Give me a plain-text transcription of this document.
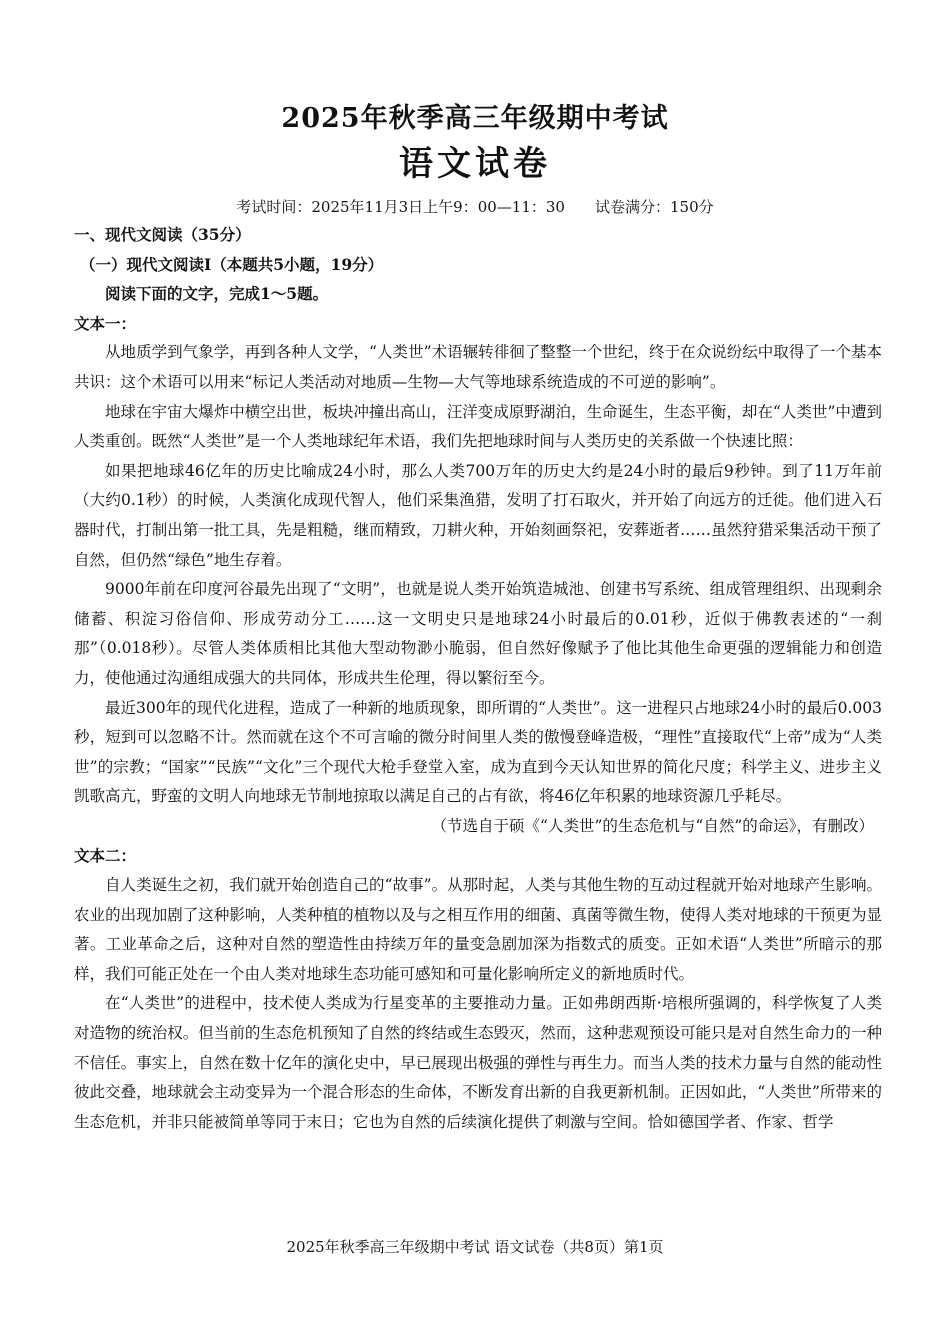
2025年秋季高三年级期中考试
语文试卷
考试时间：2025年11月3日上午9：00—11：30 试卷满分：150分

一、现代文阅读（35分）

（一）现代文阅读Ⅰ（本题共5小题，19分）

阅读下面的文字，完成1～5题。

文本一：

从地质学到气象学，再到各种人文学，“人类世”术语辗转徘徊了整整一个世纪，终于在众说纷纭中取得了一个基本共识：这个术语可以用来“标记人类活动对地质—生物—大气等地球系统造成的不可逆的影响”。

地球在宇宙大爆炸中横空出世，板块冲撞出高山，汪洋变成原野湖泊，生命诞生，生态平衡，却在“人类世”中遭到人类重创。既然“人类世”是一个人类地球纪年术语，我们先把地球时间与人类历史的关系做一个快速比照：

如果把地球46亿年的历史比喻成24小时，那么人类700万年的历史大约是24小时的最后9秒钟。到了11万年前（大约0.1秒）的时候，人类演化成现代智人，他们采集渔猎，发明了打石取火，并开始了向远方的迁徙。他们进入石器时代，打制出第一批工具，先是粗糙，继而精致，刀耕火种，开始刻画祭祀，安葬逝者……虽然狩猎采集活动干预了自然，但仍然“绿色”地生存着。

9000年前在印度河谷最先出现了“文明”，也就是说人类开始筑造城池、创建书写系统、组成管理组织、出现剩余储蓄、积淀习俗信仰、形成劳动分工……这一文明史只是地球24小时最后的0.01秒，近似于佛教表述的“一刹那”（0.018秒）。尽管人类体质相比其他大型动物渺小脆弱，但自然好像赋予了他比其他生命更强的逻辑能力和创造力，使他通过沟通组成强大的共同体，形成共生伦理，得以繁衍至今。

最近300年的现代化进程，造成了一种新的地质现象，即所谓的“人类世”。这一进程只占地球24小时的最后0.003秒，短到可以忽略不计。然而就在这个不可言喻的微分时间里人类的傲慢登峰造极，“理性”直接取代“上帝”成为“人类世”的宗教；“国家”“民族”“文化”三个现代大枪手登堂入室，成为直到今天认知世界的简化尺度；科学主义、进步主义凯歌高亢，野蛮的文明人向地球无节制地掠取以满足自己的占有欲，将46亿年积累的地球资源几乎耗尽。

（节选自于硕《“人类世”的生态危机与“自然”的命运》，有删改）

文本二：

自人类诞生之初，我们就开始创造自己的“故事”。从那时起，人类与其他生物的互动过程就开始对地球产生影响。农业的出现加剧了这种影响，人类种植的植物以及与之相互作用的细菌、真菌等微生物，使得人类对地球的干预更为显著。工业革命之后，这种对自然的塑造性由持续万年的量变急剧加深为指数式的质变。正如术语“人类世”所暗示的那样，我们可能正处在一个由人类对地球生态功能可感知和可量化影响所定义的新地质时代。

在“人类世”的进程中，技术使人类成为行星变革的主要推动力量。正如弗朗西斯·培根所强调的，科学恢复了人类对造物的统治权。但当前的生态危机预知了自然的终结或生态毁灭，然而，这种悲观预设可能只是对自然生命力的一种不信任。事实上，自然在数十亿年的演化史中，早已展现出极强的弹性与再生力。而当人类的技术力量与自然的能动性彼此交叠，地球就会主动变异为一个混合形态的生命体，不断发育出新的自我更新机制。正因如此，“人类世”所带来的生态危机，并非只能被简单等同于末日；它也为自然的后续演化提供了刺激与空间。恰如德国学者、作家、哲学

2025年秋季高三年级期中考试 语文试卷（共8页）第1页
